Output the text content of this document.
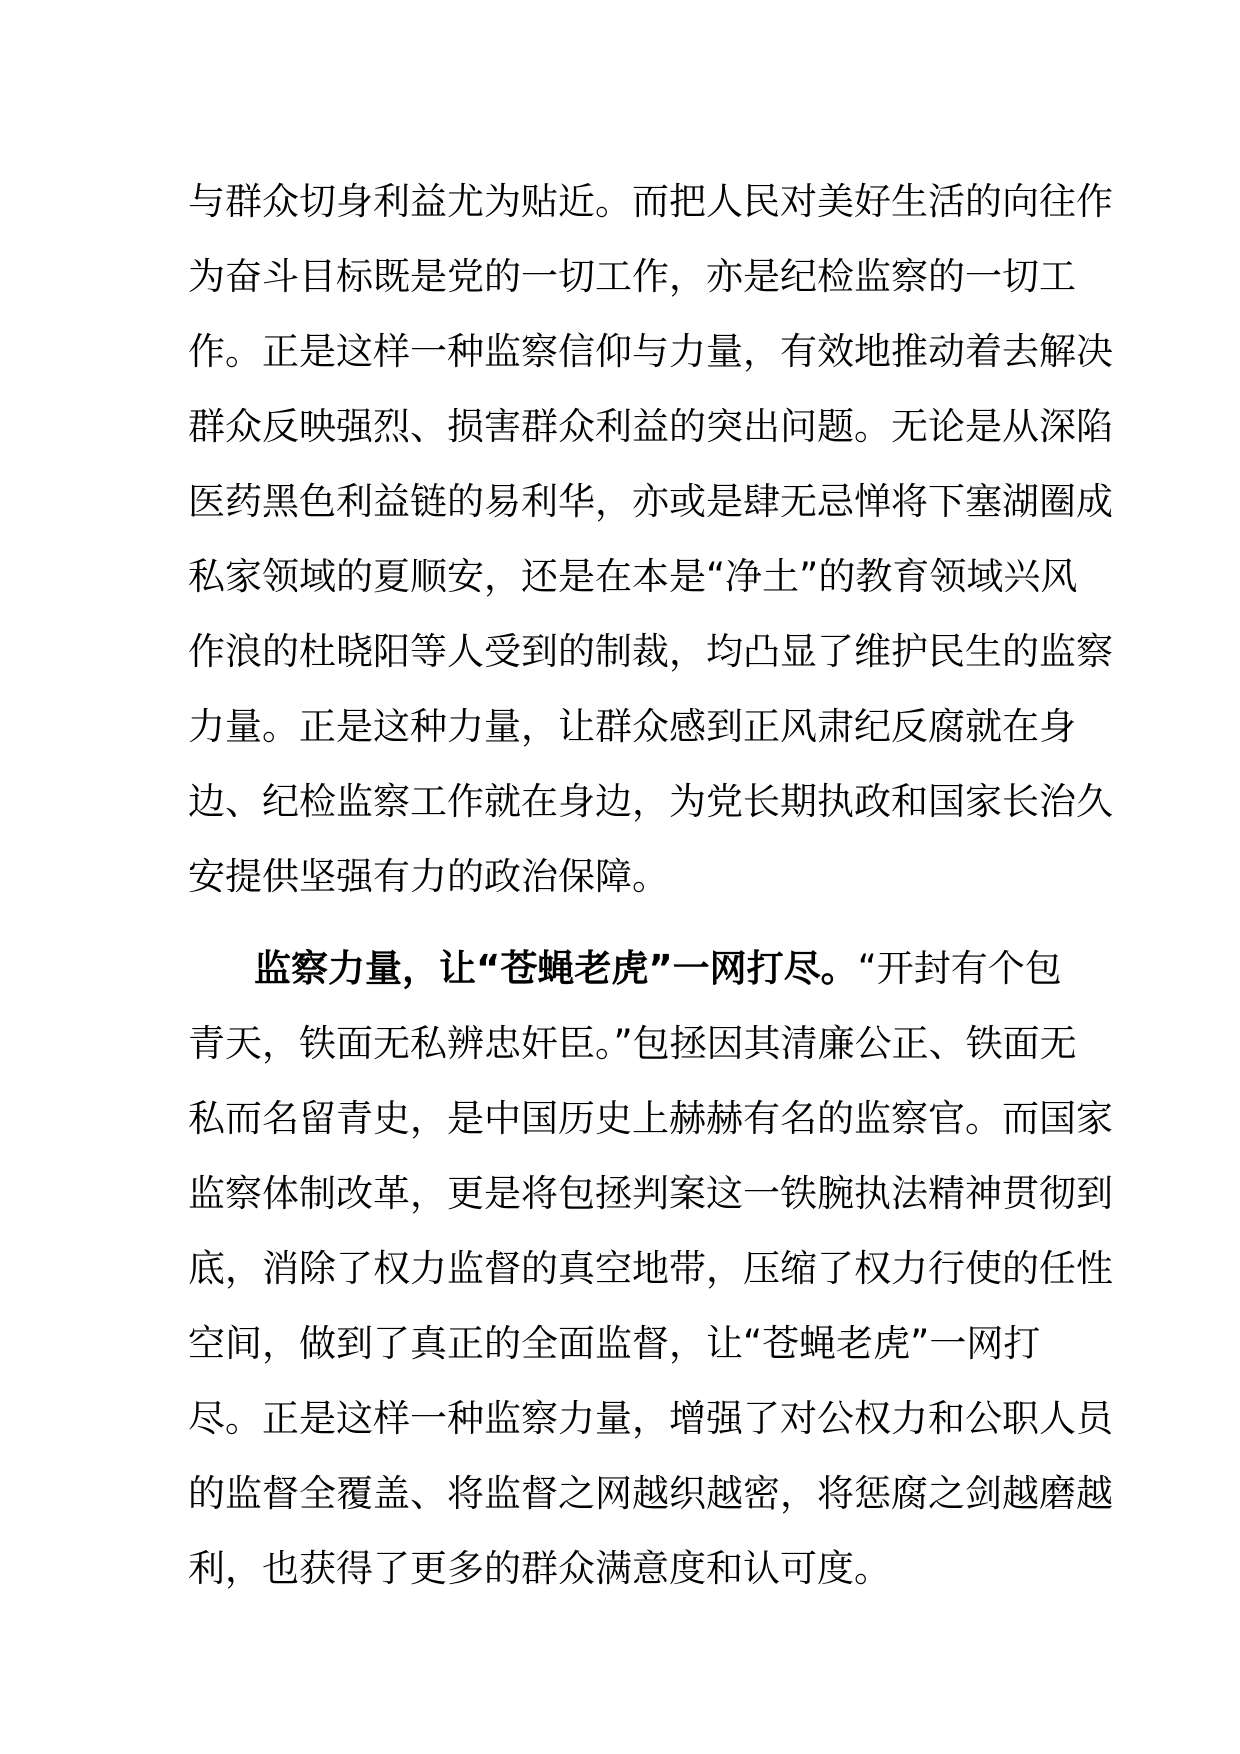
与群众切身利益尤为贴近。而把人民对美好生活的向往作
为奋斗目标既是党的一切工作，亦是纪检监察的一切工
作。正是这样一种监察信仰与力量，有效地推动着去解决
群众反映强烈、损害群众利益的突出问题。无论是从深陷
医药黑色利益链的易利华，亦或是肆无忌惮将下塞湖圈成
私家领域的夏顺安，还是在本是“净土”的教育领域兴风
作浪的杜晓阳等人受到的制裁，均凸显了维护民生的监察
力量。正是这种力量，让群众感到正风肃纪反腐就在身
边、纪检监察工作就在身边，为党长期执政和国家长治久
安提供坚强有力的政治保障。
监察力量，让“苍蝇老虎”一网打尽。“开封有个包
青天，铁面无私辨忠奸臣。”包拯因其清廉公正、铁面无
私而名留青史，是中国历史上赫赫有名的监察官。而国家
监察体制改革，更是将包拯判案这一铁腕执法精神贯彻到
底，消除了权力监督的真空地带，压缩了权力行使的任性
空间，做到了真正的全面监督，让“苍蝇老虎”一网打
尽。正是这样一种监察力量，增强了对公权力和公职人员
的监督全覆盖、将监督之网越织越密，将惩腐之剑越磨越
利，也获得了更多的群众满意度和认可度。
